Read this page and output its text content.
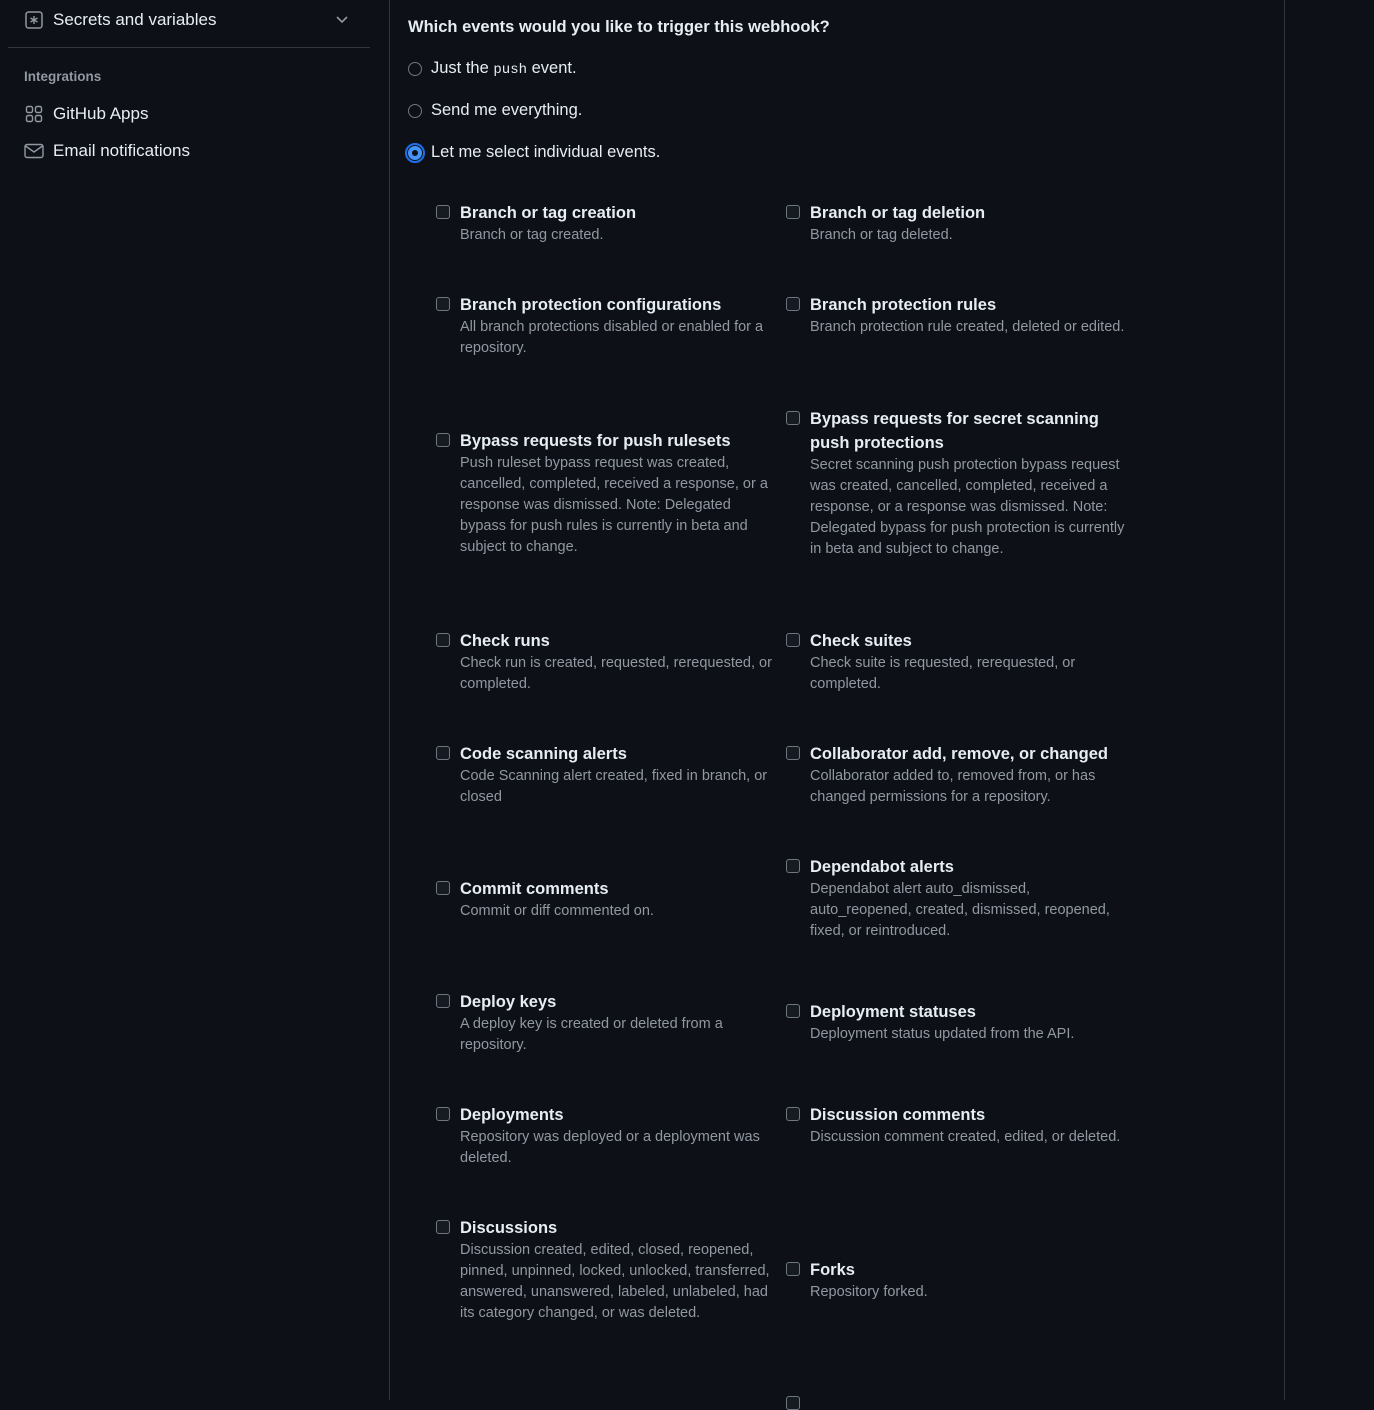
Secrets and variables
Integrations
GitHub Apps
Email notifications
Which events would you like to trigger this webhook?
Just the push event.
Send me everything.
Let me select individual events.
Branch or tag creation
Branch or tag created.
Branch or tag deletion
Branch or tag deleted.
Branch protection configurations
All branch protections disabled or enabled for a repository.
Branch protection rules
Branch protection rule created, deleted or edited.
Bypass requests for push rulesets
Push ruleset bypass request was created, cancelled, completed, received a response, or a response was dismissed. Note: Delegated bypass for push rules is currently in beta and subject to change.
Bypass requests for secret scanning push protections
Secret scanning push protection bypass request was created, cancelled, completed, received a response, or a response was dismissed. Note: Delegated bypass for push protection is currently in beta and subject to change.
Check runs
Check run is created, requested, rerequested, or completed.
Check suites
Check suite is requested, rerequested, or completed.
Code scanning alerts
Code Scanning alert created, fixed in branch, or closed
Collaborator add, remove, or changed
Collaborator added to, removed from, or has changed permissions for a repository.
Commit comments
Commit or diff commented on.
Dependabot alerts
Dependabot alert auto_dismissed, auto_reopened, created, dismissed, reopened, fixed, or reintroduced.
Deploy keys
A deploy key is created or deleted from a repository.
Deployment statuses
Deployment status updated from the API.
Deployments
Repository was deployed or a deployment was deleted.
Discussion comments
Discussion comment created, edited, or deleted.
Discussions
Discussion created, edited, closed, reopened, pinned, unpinned, locked, unlocked, transferred, answered, unanswered, labeled, unlabeled, had its category changed, or was deleted.
Forks
Repository forked.
